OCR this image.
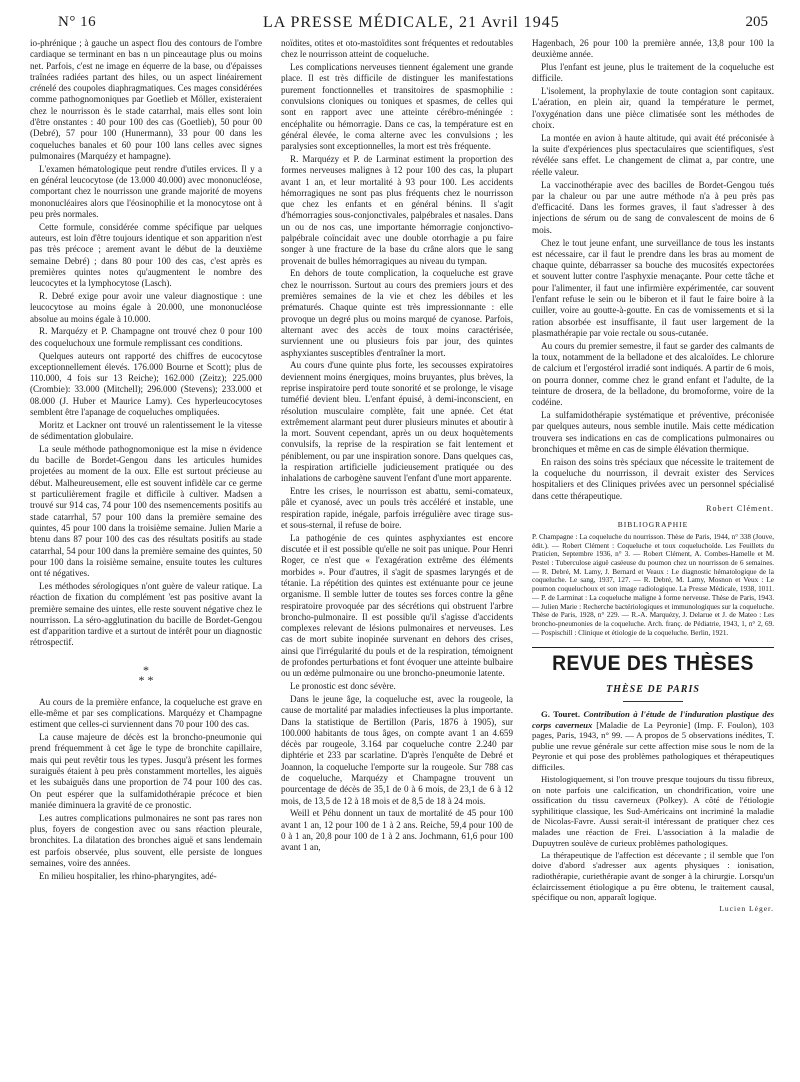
N° 16	LA PRESSE MÉDICALE, 21 Avril 1945	205

io-phrénique ; à gauche un aspect flou des contours de l'ombre cardiaque se terminant en bas n un pinceautage plus ou moins net. Parfois, c'est ne image en équerre de la base, ou d'épaisses traînées radiées partant des hiles, ou un aspect linéairement crénelé des coupoles diaphragmatiques. Ces mages considérées comme pathognomoniques par Goetlieb et Möller, existeraient chez le nourrisson ès le stade catarrhal, mais elles sont loin d'être onstantes : 40 pour 100 des cas (Goetlieb), 50 pour 00 (Debré), 57 pour 100 (Hunermann), 33 pour 00 dans les coqueluches banales et 60 pour 100 lans celles avec signes pulmonaires (Marquézy et hampagne).

L'examen hématologique peut rendre d'utiles ervices. Il y a en général leucocytose (de 13.000 40.000) avec mononucléose, comportant chez le nourrisson une grande majorité de moyens mononucléaires alors que l'éosinophilie et la monocytose ont à peu près normales.

Cette formule, considérée comme spécifique par uelques auteurs, est loin d'être toujours identique et son apparition n'est pas très précoce ; arement avant le début de la deuxième semaine Debré) ; dans 80 pour 100 des cas, c'est après es premières quintes notes qu'augmentent le nombre des leucocytes et la lymphocytose (Lasch).

R. Debré exige pour avoir une valeur diagnostique : une leucocytose au moins égale à 20.000, une mononucléose absolue au moins égale à 10.000.

R. Marquézy et P. Champagne ont trouvé chez 0 pour 100 des coqueluchoux une formule remplissant ces conditions.

Quelques auteurs ont rapporté des chiffres de eucocytose exceptionnellement élevés. 176.000 Bourne et Scott); plus de 110.000, 4 fois sur 13 Reiche); 162.000 (Zeitz); 225.000 (Crombie): 33.000 (Mitchell); 296.000 (Stevens); 233.000 et 08.000 (J. Huber et Maurice Lamy). Ces hyperleucocytoses semblent être l'apanage de coqueluches ompliquées.

Moritz et Lackner ont trouvé un ralentissement le la vitesse de sédimentation globulaire.

La seule méthode pathognomonique est la mise n évidence du bacille de Bordet-Gengou dans les articules humides projetées au moment de la oux. Elle est surtout précieuse au début. Malheureusement, elle est souvent infidèle car ce germe st particulièrement fragile et difficile à cultiver. Madsen a trouvé sur 914 cas, 74 pour 100 des nsemencements positifs au stade catarrhal, 57 pour 100 dans la première semaine des quintes, 45 pour 100 dans la troisième semaine. Julien Marie a btenu dans 87 pour 100 des cas des résultats positifs au stade catarrhal, 54 pour 100 dans la première semaine des quintes, 50 pour 100 dans la roisième semaine, ensuite toutes les cultures ont té négatives.

Les méthodes sérologiques n'ont guère de valeur ratique. La réaction de fixation du complément 'est pas positive avant la première semaine des uintes, elle reste souvent négative chez le nourrisson. La séro-agglutination du bacille de Bordet-Gengou est d'apparition tardive et a surtout de intérêt pour un diagnostic rétrospectif.

*
* *

Au cours de la première enfance, la coqueluche est grave en elle-même et par ses complications. Marquézy et Champagne estiment que celles-ci surviennent dans 70 pour 100 des cas.

La cause majeure de décès est la broncho-pneumonie qui prend fréquemment à cet âge le type de bronchite capillaire, mais qui peut revêtir tous les types. Jusqu'à présent les formes suraiguës étaient à peu près constamment mortelles, les aiguës et les subaiguës dans une proportion de 74 pour 100 des cas. On peut espérer que la sulfamidothérapie précoce et bien maniée diminuera la gravité de ce pronostic.

Les autres complications pulmonaires ne sont pas rares non plus, foyers de congestion avec ou sans réaction pleurale, bronchites. La dilatation des bronches aiguë et sans lendemain est parfois observée, plus souvent, elle persiste de longues semaines, voire des années.

En milieu hospitalier, les rhino-pharyngites, adé-

noïdites, otites et oto-mastoïdites sont fréquentes et redoutables chez le nourrisson atteint de coqueluche.

Les complications nerveuses tiennent également une grande place. Il est très difficile de distinguer les manifestations purement fonctionnelles et transitoires de spasmophilie : convulsions cloniques ou toniques et spasmes, de celles qui sont en rapport avec une atteinte cérébro-méningée : encéphalite ou hémorragie. Dans ce cas, la température est en général élevée, le coma alterne avec les convulsions ; les paralysies sont exceptionnelles, la mort est très fréquente.

R. Marquézy et P. de Larminat estiment la proportion des formes nerveuses malignes à 12 pour 100 des cas, la plupart avant 1 an, et leur mortalité à 93 pour 100. Les accidents hémorragiques ne sont pas plus fréquents chez le nourrisson que chez les enfants et en général bénins. Il s'agit d'hémorragies sous-conjonctivales, palpébrales et nasales. Dans un ou de nos cas, une importante hémorragie conjonctivo-palpébrale coïncidait avec une double otorrhagie a pu faire songer à une fracture de la base du crâne alors que le sang provenait de bulles hémorragiques au niveau du tympan.

En dehors de toute complication, la coqueluche est grave chez le nourrisson. Surtout au cours des premiers jours et des premières semaines de la vie et chez les débiles et les prématurés. Chaque quinte est très impressionnante : elle provoque un degré plus ou moins marqué de cyanose. Parfois, alternant avec des accès de toux moins caractérisée, surviennent une ou plusieurs fois par jour, des quintes asphyxiantes susceptibles d'entraîner la mort.

Au cours d'une quinte plus forte, les secousses expiratoires deviennent moins énergiques, moins bruyantes, plus brèves, la reprise inspiratoire perd toute sonorité et se prolonge, le visage tuméfié devient bleu. L'enfant épuisé, à demi-inconscient, en résolution musculaire complète, fait une apnée. Cet état extrêmement alarmant peut durer plusieurs minutes et aboutir à la mort. Souvent cependant, après un ou deux hoquètements convulsifs, la reprise de la respiration se fait lentement et péniblement, ou par une inspiration sonore. Dans quelques cas, la respiration artificielle judicieusement pratiquée ou des inhalations de carbogène sauvent l'enfant d'une mort apparente.

Entre les crises, le nourrisson est abattu, semi-comateux, pâle et cyanosé, avec un pouls très accéléré et instable, une respiration rapide, inégale, parfois irrégulière avec tirage sus- et sous-sternal, il refuse de boire.

La pathogénie de ces quintes asphyxiantes est encore discutée et il est possible qu'elle ne soit pas unique. Pour Henri Roger, ce n'est que « l'exagération extrême des éléments morbides ». Pour d'autres, il s'agit de spasmes laryngés et de tétanie. La répétition des quintes est exténuante pour ce jeune organisme. Il semble lutter de toutes ses forces contre la gêne respiratoire provoquée par des sécrétions qui obstruent l'arbre broncho-pulmonaire. Il est possible qu'il s'agisse d'accidents complexes relevant de lésions pulmonaires et nerveuses. Les cas de mort subite inopinée survenant en dehors des crises, ainsi que l'irrégularité du pouls et de la respiration, témoignent de profondes perturbations et font évoquer une atteinte bulbaire ou un œdème pulmonaire ou une broncho-pneumonie latente.

Le pronostic est donc sévère.

Dans le jeune âge, la coqueluche est, avec la rougeole, la cause de mortalité par maladies infectieuses la plus importante. Dans la statistique de Bertillon (Paris, 1876 à 1905), sur 100.000 habitants de tous âges, on compte avant 1 an 4.659 décès par rougeole, 3.164 par coqueluche contre 2.240 par diphtérie et 233 par scarlatine. D'après l'enquête de Debré et Joannon, la coqueluche l'emporte sur la rougeole. Sur 788 cas de coqueluche, Marquézy et Champagne trouvent un pourcentage de décès de 35,1 de 0 à 6 mois, de 23,1 de 6 à 12 mois, de 13,5 de 12 à 18 mois et de 8,5 de 18 à 24 mois.

Weill et Péhu donnent un taux de mortalité de 45 pour 100 avant 1 an, 12 pour 100 de 1 à 2 ans. Reiche, 59,4 pour 100 de 0 à 1 an, 20,8 pour 100 de 1 à 2 ans. Jochmann, 61,6 pour 100 avant 1 an,

Hagenbach, 26 pour 100 la première année, 13,8 pour 100 la deuxième année.

Plus l'enfant est jeune, plus le traitement de la coqueluche est difficile.

L'isolement, la prophylaxie de toute contagion sont capitaux. L'aération, en plein air, quand la température le permet, l'oxygénation dans une pièce climatisée sont les méthodes de choix.

La montée en avion à haute altitude, qui avait été préconisée à la suite d'expériences plus spectaculaires que scientifiques, s'est révélée sans effet. Le changement de climat a, par contre, une réelle valeur.

La vaccinothérapie avec des bacilles de Bordet-Gengou tués par la chaleur ou par une autre méthode n'a à peu près pas d'efficacité. Dans les formes graves, il faut s'adresser à des injections de sérum ou de sang de convalescent de moins de 6 mois.

Chez le tout jeune enfant, une surveillance de tous les instants est nécessaire, car il faut le prendre dans les bras au moment de chaque quinte, débarrasser sa bouche des mucosités expectorées et souvent lutter contre l'asphyxie menaçante. Pour cette tâche et pour l'alimenter, il faut une infirmière expérimentée, car souvent l'enfant refuse le sein ou le biberon et il faut le faire boire à la cuiller, voire au goutte-à-goutte. En cas de vomissements et si la ration absorbée est insuffisante, il faut user largement de la plasmathérapie par voie rectale ou sous-cutanée.

Au cours du premier semestre, il faut se garder des calmants de la toux, notamment de la belladone et des alcaloïdes. Le chlorure de calcium et l'ergostérol irradié sont indiqués. A partir de 6 mois, on pourra donner, comme chez le grand enfant et l'adulte, de la teinture de drosera, de la belladone, du bromoforme, voire de la codéine.

La sulfamidothérapie systématique et préventive, préconisée par quelques auteurs, nous semble inutile. Mais cette médication trouvera ses indications en cas de complications pulmonaires ou bronchiques et même en cas de simple élévation thermique.

En raison des soins très spéciaux que nécessite le traitement de la coqueluche du nourrisson, il devrait exister des Services hospitaliers et des Cliniques privées avec un personnel spécialisé dans cette thérapeutique.

Robert Clément.

BIBLIOGRAPHIE

P. Champagne : La coqueluche du nourrisson. Thèse de Paris, 1944, n° 338 (Jouve, édit.). — Robert Clément : Coqueluche et toux coqueluchoïde. Les Feuillets du Praticien, Septembre 1936, n° 3. — Robert Clément, A. Combes-Hamelle et M. Pestel : Tuberculose aiguë caséeuse du poumon chez un nourrisson de 6 semaines. — R. Debré, M. Lamy, J. Bernard et Veaux : Le diagnostic hématologique de la coqueluche. Le sang, 1937, 127. — R. Debré, M. Lamy, Mosnon et Veux : Le poumon coqueluchoux et son image radiologique. La Presse Médicale, 1938, 1011. — P. de Larminat : La coqueluche maligne à forme nerveuse. Thèse de Paris, 1943. — Julien Marie : Recherche bactériologiques et immunologiques sur la coqueluche. Thèse de Paris, 1928, n° 229. — R.-A. Marquézy, J. Delarue et J. de Mateo : Les broncho-pneumonies de la coqueluche. Arch. franç. de Pédiatrie, 1943, 1, n° 2, 69. — Pospischill : Clinique et étiologie de la coqueluche. Berlin, 1921.

REVUE DES THÈSES
THÈSE DE PARIS

G. Touret. Contribution à l'étude de l'induration plastique des corps caverneux [Maladie de La Peyronie] (Imp. F. Foulon), 103 pages, Paris, 1943, n° 99. — A propos de 5 observations inédites, T. publie une revue générale sur cette affection mise sous le nom de la Peyronie et qui pose des problèmes pathologiques et thérapeutiques difficiles.

Histologiquement, si l'on trouve presque toujours du tissu fibreux, on note parfois une calcification, un chondrification, voire une ossification du tissu caverneux (Polkey). A côté de l'étiologie syphilitique classique, les Sud-Américains ont incriminé la maladie de Nicolas-Favre. Aussi serait-il intéressant de pratiquer chez ces malades une réaction de Frei. L'association à la maladie de Dupuytren soulève de curieux problèmes pathologiques.

La thérapeutique de l'affection est décevante ; il semble que l'on doive d'abord s'adresser aux agents physiques : ionisation, radiothérapie, curiethérapie avant de songer à la chirurgie. Lorsqu'un éclaircissement étiologique a pu être obtenu, le traitement causal, spécifique ou non, apparaît logique.

Lucien Léger.
